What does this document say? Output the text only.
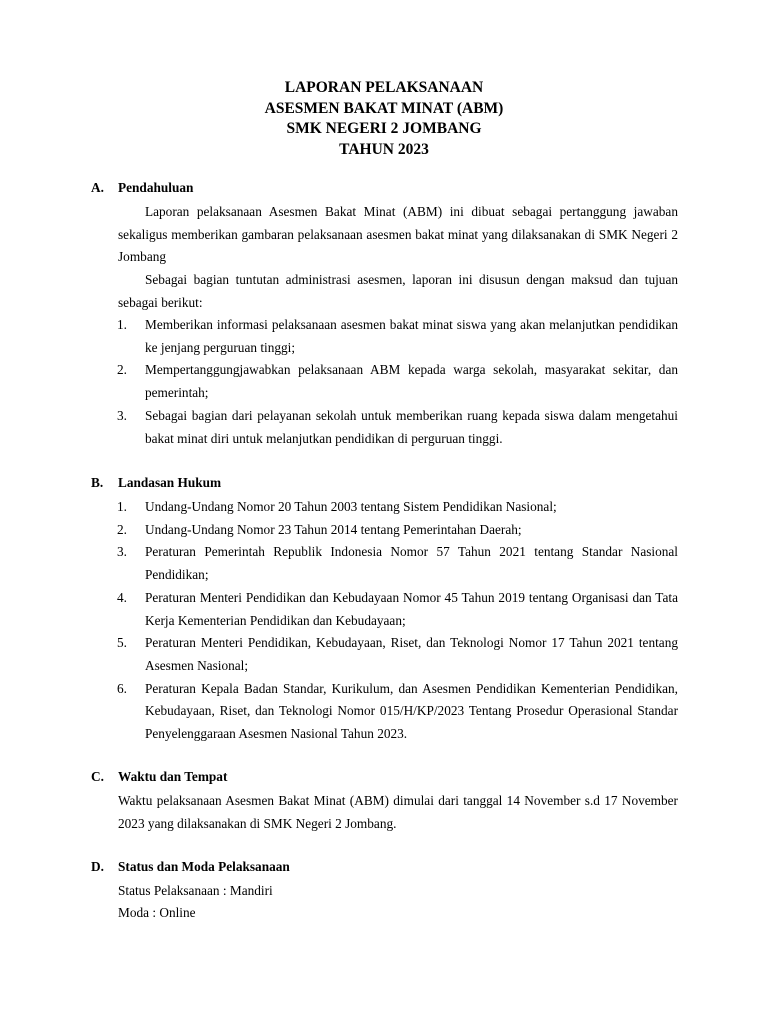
LAPORAN PELAKSANAAN
ASESMEN BAKAT MINAT (ABM)
SMK NEGERI 2 JOMBANG
TAHUN 2023
A. Pendahuluan
Laporan pelaksanaan Asesmen Bakat Minat (ABM) ini dibuat sebagai pertanggung jawaban sekaligus memberikan gambaran pelaksanaan asesmen bakat minat yang dilaksanakan di SMK Negeri 2 Jombang
Sebagai bagian tuntutan administrasi asesmen, laporan ini disusun dengan maksud dan tujuan sebagai berikut:
1. Memberikan informasi pelaksanaan asesmen bakat minat siswa yang akan melanjutkan pendidikan ke jenjang perguruan tinggi;
2. Mempertanggungjawabkan pelaksanaan ABM kepada warga sekolah, masyarakat sekitar, dan pemerintah;
3. Sebagai bagian dari pelayanan sekolah untuk memberikan ruang kepada siswa dalam mengetahui bakat minat diri untuk melanjutkan pendidikan di perguruan tinggi.
B. Landasan Hukum
1. Undang-Undang Nomor 20 Tahun 2003 tentang Sistem Pendidikan Nasional;
2. Undang-Undang Nomor 23 Tahun 2014 tentang Pemerintahan Daerah;
3. Peraturan Pemerintah Republik Indonesia Nomor 57 Tahun 2021 tentang Standar Nasional Pendidikan;
4. Peraturan Menteri Pendidikan dan Kebudayaan Nomor 45 Tahun 2019 tentang Organisasi dan Tata Kerja Kementerian Pendidikan dan Kebudayaan;
5. Peraturan Menteri Pendidikan, Kebudayaan, Riset, dan Teknologi Nomor 17 Tahun 2021 tentang Asesmen Nasional;
6. Peraturan Kepala Badan Standar, Kurikulum, dan Asesmen Pendidikan Kementerian Pendidikan, Kebudayaan, Riset, dan Teknologi Nomor 015/H/KP/2023 Tentang Prosedur Operasional Standar Penyelenggaraan Asesmen Nasional Tahun 2023.
C. Waktu dan Tempat
Waktu pelaksanaan Asesmen Bakat Minat (ABM) dimulai dari tanggal 14 November s.d 17 November 2023 yang dilaksanakan di SMK Negeri 2 Jombang.
D. Status dan Moda Pelaksanaan
Status Pelaksanaan : Mandiri
Moda : Online
